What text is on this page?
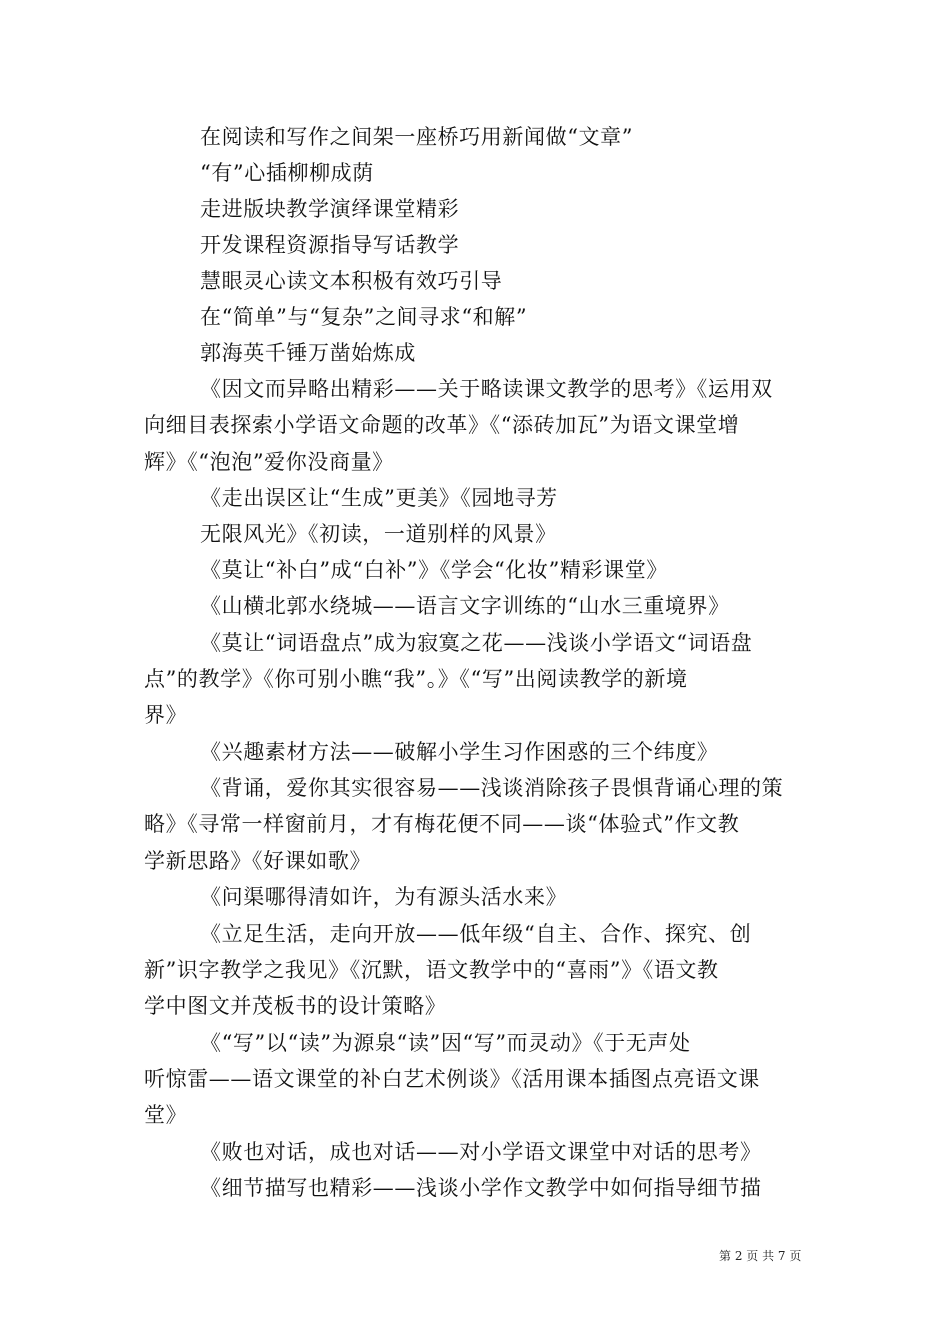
在阅读和写作之间架一座桥巧用新闻做“文章”
“有”心插柳柳成荫
走进版块教学演绎课堂精彩
开发课程资源指导写话教学
慧眼灵心读文本积极有效巧引导
在“简单”与“复杂”之间寻求“和解”
郭海英千锤万凿始炼成
《因文而异略出精彩——关于略读课文教学的思考》《运用双
向细目表探索小学语文命题的改革》《“添砖加瓦”为语文课堂增
辉》《“泡泡”爱你没商量》
《走出误区让“生成”更美》《园地寻芳
无限风光》《初读，一道别样的风景》
《莫让“补白”成“白补”》《学会“化妆”精彩课堂》
《山横北郭水绕城——语言文字训练的“山水三重境界》
《莫让“词语盘点”成为寂寞之花——浅谈小学语文“词语盘
点”的教学》《你可别小瞧“我”。》《“写”出阅读教学的新境
界》
《兴趣素材方法——破解小学生习作困惑的三个纬度》
《背诵，爱你其实很容易——浅谈消除孩子畏惧背诵心理的策
略》《寻常一样窗前月，才有梅花便不同——谈“体验式”作文教
学新思路》《好课如歌》
《问渠哪得清如许，为有源头活水来》
《立足生活，走向开放——低年级“自主、合作、探究、创
新”识字教学之我见》《沉默，语文教学中的“喜雨”》《语文教
学中图文并茂板书的设计策略》
《“写”以“读”为源泉“读”因“写”而灵动》《于无声处
听惊雷——语文课堂的补白艺术例谈》《活用课本插图点亮语文课
堂》
《败也对话，成也对话——对小学语文课堂中对话的思考》
《细节描写也精彩——浅谈小学作文教学中如何指导细节描
第 2 页 共 7 页
